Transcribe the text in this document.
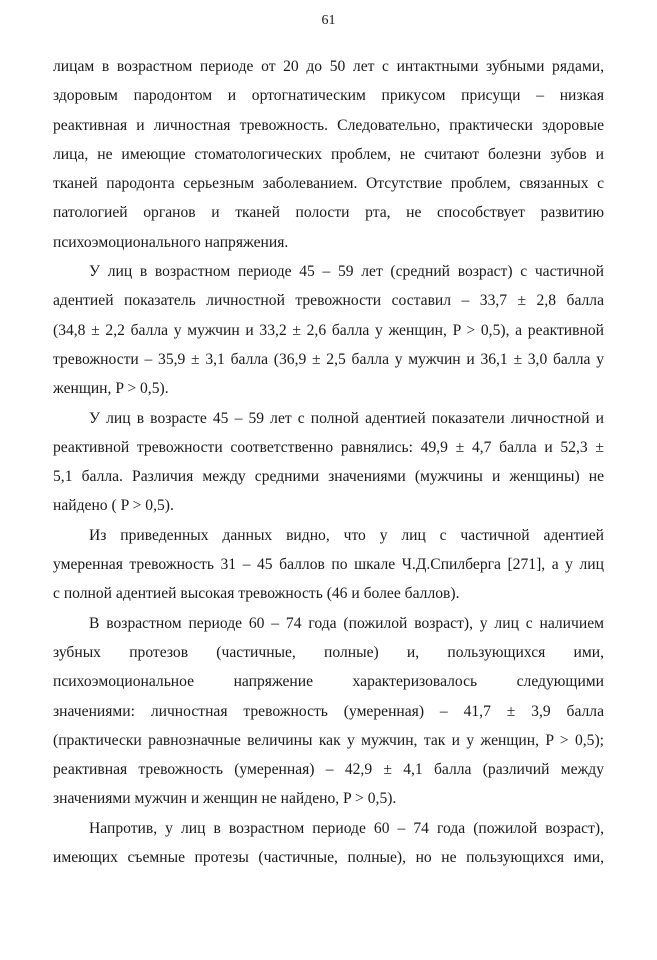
61

лицам в возрастном периоде от 20 до 50 лет с интактными зубными рядами,
здоровым пародонтом и ортогнатическим прикусом присущи – низкая
реактивная и личностная тревожность. Следовательно, практически здоровые
лица, не имеющие стоматологических проблем, не считают болезни зубов и
тканей пародонта серьезным заболеванием. Отсутствие проблем, связанных с
патологией органов и тканей полости рта, не способствует развитию
психоэмоционального напряжения.

У лиц в возрастном периоде 45 – 59 лет (средний возраст) с частичной
адентией показатель личностной тревожности составил – 33,7 ± 2,8 балла
(34,8 ± 2,2 балла у мужчин и 33,2 ± 2,6 балла у женщин, P > 0,5), а реактивной
тревожности – 35,9 ± 3,1 балла (36,9 ± 2,5 балла у мужчин и 36,1 ± 3,0 балла у
женщин, P > 0,5).

У лиц в возрасте 45 – 59 лет с полной адентией показатели личностной и
реактивной тревожности соответственно равнялись: 49,9 ± 4,7 балла и 52,3 ±
5,1 балла. Различия между средними значениями (мужчины и женщины) не
найдено ( P > 0,5).

Из приведенных данных видно, что у лиц с частичной адентией
умеренная тревожность 31 – 45 баллов по шкале Ч.Д.Спилберга [271], а у лиц
с полной адентией высокая тревожность (46 и более баллов).

В возрастном периоде 60 – 74 года (пожилой возраст), у лиц с наличием
зубных протезов (частичные, полные) и, пользующихся ими,
психоэмоциональное напряжение характеризовалось следующими
значениями: личностная тревожность (умеренная) – 41,7 ± 3,9 балла
(практически равнозначные величины как у мужчин, так и у женщин, P > 0,5);
реактивная тревожность (умеренная) – 42,9 ± 4,1 балла (различий между
значениями мужчин и женщин не найдено, P > 0,5).

Напротив, у лиц в возрастном периоде 60 – 74 года (пожилой возраст),
имеющих съемные протезы (частичные, полные), но не пользующихся ими,
